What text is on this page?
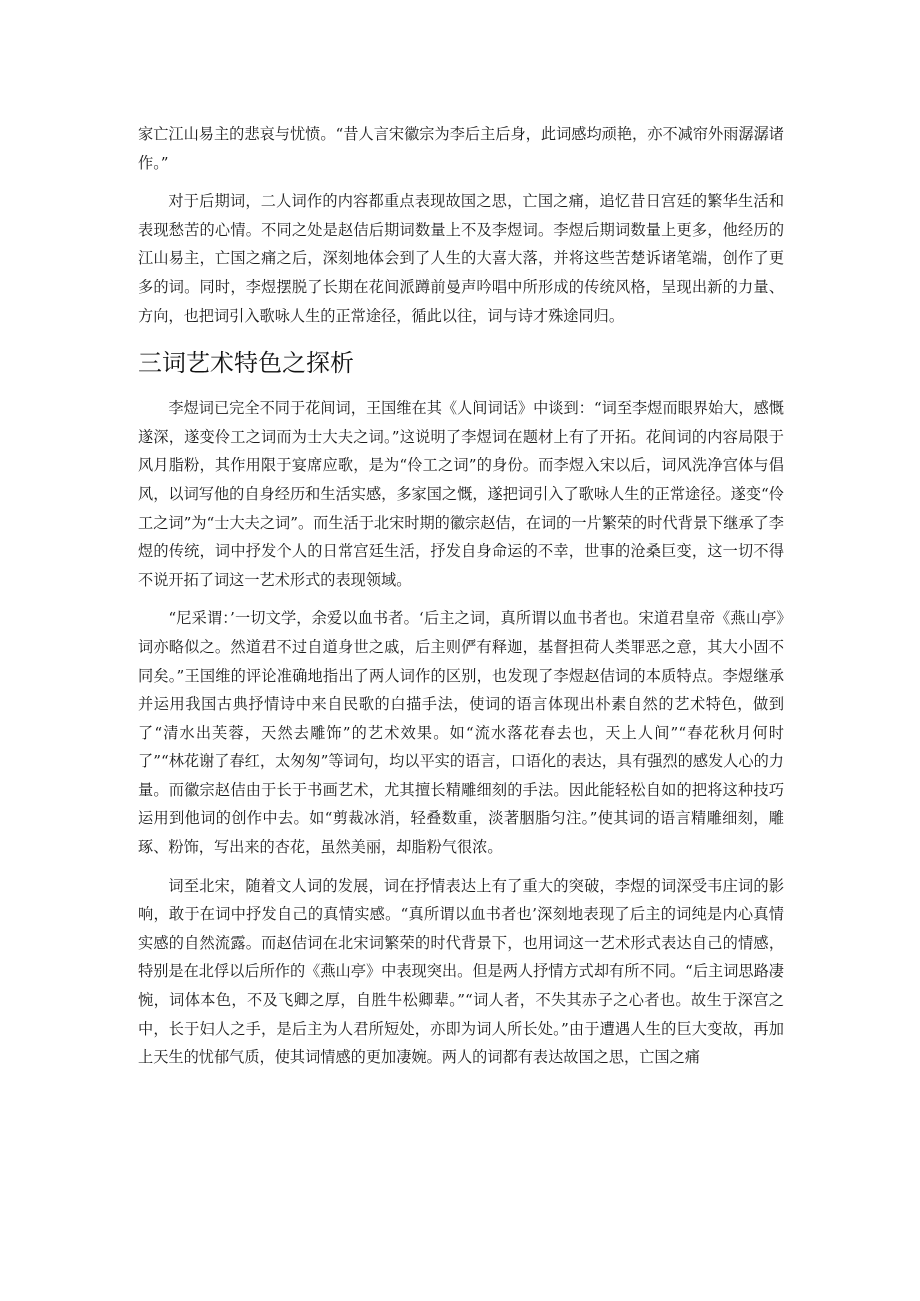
家亡江山易主的悲哀与忧愤。“昔人言宋徽宗为李后主后身，此词感均顽艳，亦不减帘外雨潺潺诸作。”

对于后期词，二人词作的内容都重点表现故国之思，亡国之痛，追忆昔日宫廷的繁华生活和表现愁苦的心情。不同之处是赵佶后期词数量上不及李煜词。李煜后期词数量上更多，他经历的江山易主，亡国之痛之后，深刻地体会到了人生的大喜大落，并将这些苦楚诉诸笔端，创作了更多的词。同时，李煜摆脱了长期在花间派蹲前曼声吟唱中所形成的传统风格，呈现出新的力量、方向，也把词引入歌咏人生的正常途径，循此以往，词与诗才殊途同归。

三词艺术特色之探析

李煜词已完全不同于花间词，王国维在其《人间词话》中谈到：“词至李煜而眼界始大，感慨遂深，遂变伶工之词而为士大夫之词。”这说明了李煜词在题材上有了开拓。花间词的内容局限于风月脂粉，其作用限于宴席应歌，是为“伶工之词”的身份。而李煜入宋以后，词风洗净宫体与倡风，以词写他的自身经历和生活实感，多家国之慨，遂把词引入了歌咏人生的正常途径。遂变“伶工之词”为“士大夫之词”。而生活于北宋时期的徽宗赵佶，在词的一片繁荣的时代背景下继承了李煜的传统，词中抒发个人的日常宫廷生活，抒发自身命运的不幸，世事的沧桑巨变，这一切不得不说开拓了词这一艺术形式的表现领域。

“尼采谓：’一切文学，余爱以血书者。‘后主之词，真所谓以血书者也。宋道君皇帝《燕山亭》词亦略似之。然道君不过自道身世之戚，后主则俨有释迦，基督担荷人类罪恶之意，其大小固不同矣。”王国维的评论准确地指出了两人词作的区别，也发现了李煜赵佶词的本质特点。李煜继承并运用我国古典抒情诗中来自民歌的白描手法，使词的语言体现出朴素自然的艺术特色，做到了“清水出芙蓉，天然去雕饰”的艺术效果。如“流水落花春去也，天上人间”“春花秋月何时了”“林花谢了春红，太匆匆”等词句，均以平实的语言，口语化的表达，具有强烈的感发人心的力量。而徽宗赵佶由于长于书画艺术，尤其擅长精雕细刻的手法。因此能轻松自如的把将这种技巧运用到他词的创作中去。如“剪裁冰消，轻叠数重，淡著胭脂匀注。”使其词的语言精雕细刻，雕琢、粉饰，写出来的杏花，虽然美丽，却脂粉气很浓。

词至北宋，随着文人词的发展，词在抒情表达上有了重大的突破，李煜的词深受韦庄词的影响，敢于在词中抒发自己的真情实感。“真所谓以血书者也’深刻地表现了后主的词纯是内心真情实感的自然流露。而赵佶词在北宋词繁荣的时代背景下，也用词这一艺术形式表达自己的情感，特别是在北俘以后所作的《燕山亭》中表现突出。但是两人抒情方式却有所不同。“后主词思路凄惋，词体本色，不及飞卿之厚，自胜牛松卿辈。”“词人者，不失其赤子之心者也。故生于深宫之中，长于妇人之手，是后主为人君所短处，亦即为词人所长处。”由于遭遇人生的巨大变故，再加上天生的忧郁气质，使其词情感的更加凄婉。两人的词都有表达故国之思，亡国之痛
